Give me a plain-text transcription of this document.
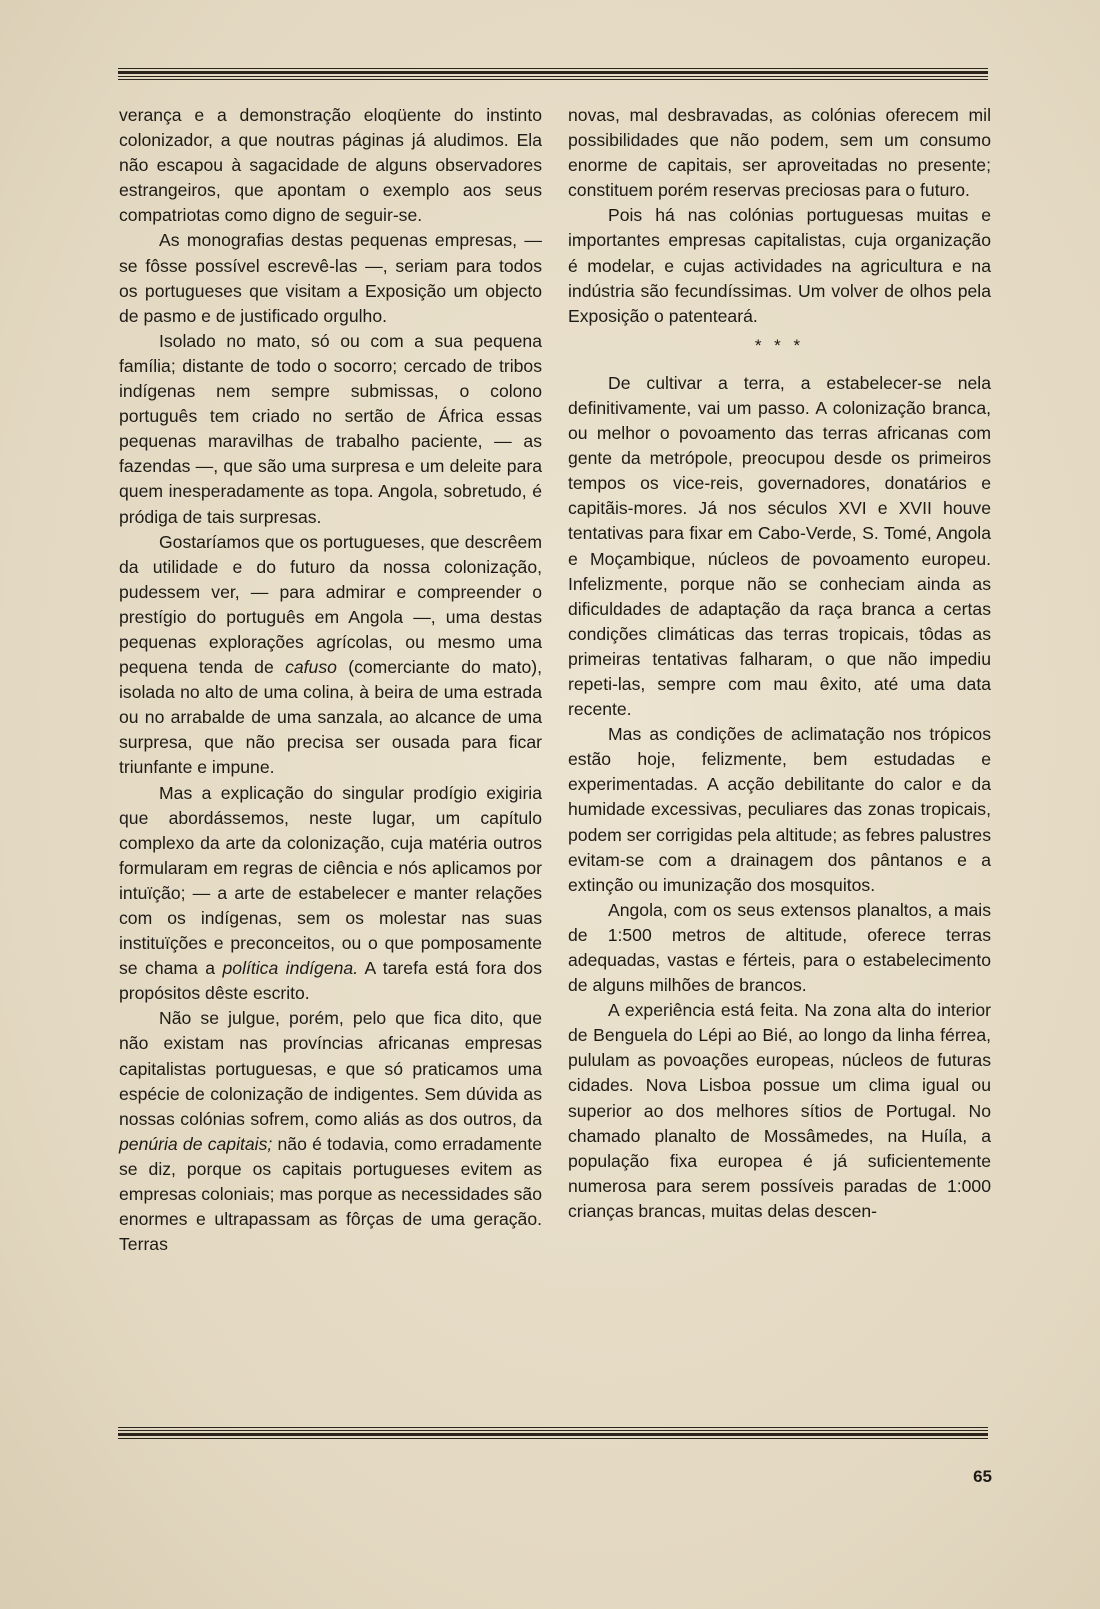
verança e a demonstração eloqüente do instinto colonizador, a que noutras páginas já aludimos. Ela não escapou à sagacidade de alguns observadores estrangeiros, que apontam o exemplo aos seus compatriotas como digno de seguir-se.

As monografias destas pequenas empresas, — se fôsse possível escrevê-las —, seriam para todos os portugueses que visitam a Exposição um objecto de pasmo e de justificado orgulho.

Isolado no mato, só ou com a sua pequena família; distante de todo o socorro; cercado de tribos indígenas nem sempre submissas, o colono português tem criado no sertão de África essas pequenas maravilhas de trabalho paciente, — as fazendas —, que são uma surpresa e um deleite para quem inesperadamente as topa. Angola, sobretudo, é pródiga de tais surpresas.

Gostaríamos que os portugueses, que descrêem da utilidade e do futuro da nossa colonização, pudessem ver, — para admirar e compreender o prestígio do português em Angola —, uma destas pequenas explorações agrícolas, ou mesmo uma pequena tenda de cafuso (comerciante do mato), isolada no alto de uma colina, à beira de uma estrada ou no arrabalde de uma sanzala, ao alcance de uma surpresa, que não precisa ser ousada para ficar triunfante e impune.

Mas a explicação do singular prodígio exigiria que abordássemos, neste lugar, um capítulo complexo da arte da colonização, cuja matéria outros formularam em regras de ciência e nós aplicamos por intuïção; — a arte de estabelecer e manter relações com os indígenas, sem os molestar nas suas instituïções e preconceitos, ou o que pomposamente se chama a política indígena. A tarefa está fora dos propósitos dêste escrito.

Não se julgue, porém, pelo que fica dito, que não existam nas províncias africanas empresas capitalistas portuguesas, e que só praticamos uma espécie de colonização de indigentes. Sem dúvida as nossas colónias sofrem, como aliás as dos outros, da penúria de capitais; não é todavia, como erradamente se diz, porque os capitais portugueses evitem as empresas coloniais; mas porque as necessidades são enormes e ultrapassam as fôrças de uma geração. Terras

novas, mal desbravadas, as colónias oferecem mil possibilidades que não podem, sem um consumo enorme de capitais, ser aproveitadas no presente; constituem porém reservas preciosas para o futuro.

Pois há nas colónias portuguesas muitas e importantes empresas capitalistas, cuja organização é modelar, e cujas actividades na agricultura e na indústria são fecundíssimas. Um volver de olhos pela Exposição o patenteará.

* * *

De cultivar a terra, a estabelecer-se nela definitivamente, vai um passo. A colonização branca, ou melhor o povoamento das terras africanas com gente da metrópole, preocupou desde os primeiros tempos os vice-reis, governadores, donatários e capitãis-mores. Já nos séculos XVI e XVII houve tentativas para fixar em Cabo-Verde, S. Tomé, Angola e Moçambique, núcleos de povoamento europeu. Infelizmente, porque não se conheciam ainda as dificuldades de adaptação da raça branca a certas condições climáticas das terras tropicais, tôdas as primeiras tentativas falharam, o que não impediu repeti-las, sempre com mau êxito, até uma data recente.

Mas as condições de aclimatação nos trópicos estão hoje, felizmente, bem estudadas e experimentadas. A acção debilitante do calor e da humidade excessivas, peculiares das zonas tropicais, podem ser corrigidas pela altitude; as febres palustres evitam-se com a drainagem dos pântanos e a extinção ou imunização dos mosquitos.

Angola, com os seus extensos planaltos, a mais de 1:500 metros de altitude, oferece terras adequadas, vastas e férteis, para o estabelecimento de alguns milhões de brancos.

A experiência está feita. Na zona alta do interior de Benguela do Lépi ao Bié, ao longo da linha férrea, pululam as povoações europeas, núcleos de futuras cidades. Nova Lisboa possue um clima igual ou superior ao dos melhores sítios de Portugal. No chamado planalto de Mossâmedes, na Huíla, a população fixa europea é já suficientemente numerosa para serem possíveis paradas de 1:000 crianças brancas, muitas delas descen-

65
